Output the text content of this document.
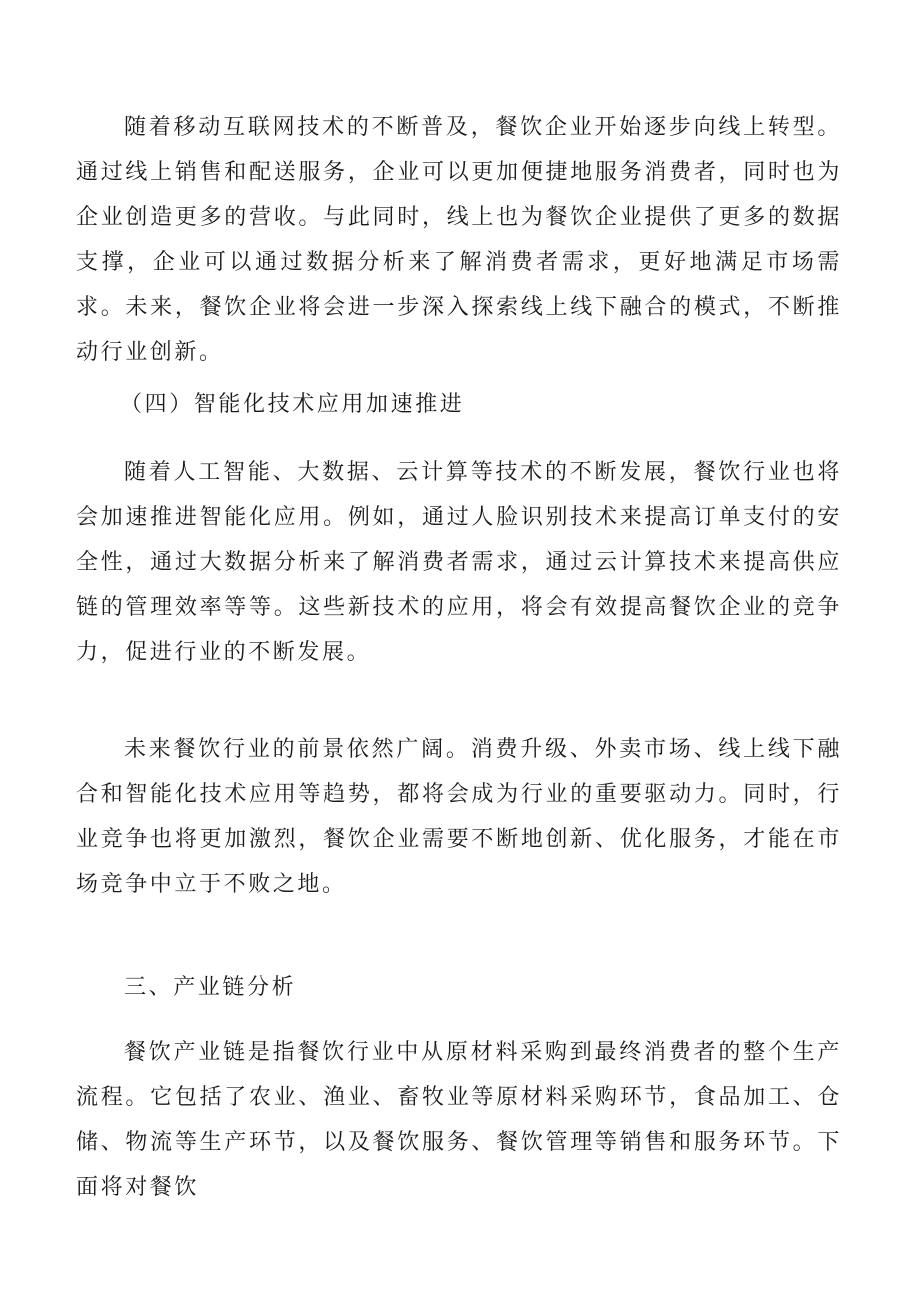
随着移动互联网技术的不断普及，餐饮企业开始逐步向线上转型。通过线上销售和配送服务，企业可以更加便捷地服务消费者，同时也为企业创造更多的营收。与此同时，线上也为餐饮企业提供了更多的数据支撑，企业可以通过数据分析来了解消费者需求，更好地满足市场需求。未来，餐饮企业将会进一步深入探索线上线下融合的模式，不断推动行业创新。

（四）智能化技术应用加速推进

随着人工智能、大数据、云计算等技术的不断发展，餐饮行业也将会加速推进智能化应用。例如，通过人脸识别技术来提高订单支付的安全性，通过大数据分析来了解消费者需求，通过云计算技术来提高供应链的管理效率等等。这些新技术的应用，将会有效提高餐饮企业的竞争力，促进行业的不断发展。

未来餐饮行业的前景依然广阔。消费升级、外卖市场、线上线下融合和智能化技术应用等趋势，都将会成为行业的重要驱动力。同时，行业竞争也将更加激烈，餐饮企业需要不断地创新、优化服务，才能在市场竞争中立于不败之地。

三、产业链分析

餐饮产业链是指餐饮行业中从原材料采购到最终消费者的整个生产流程。它包括了农业、渔业、畜牧业等原材料采购环节，食品加工、仓储、物流等生产环节，以及餐饮服务、餐饮管理等销售和服务环节。下面将对餐饮
